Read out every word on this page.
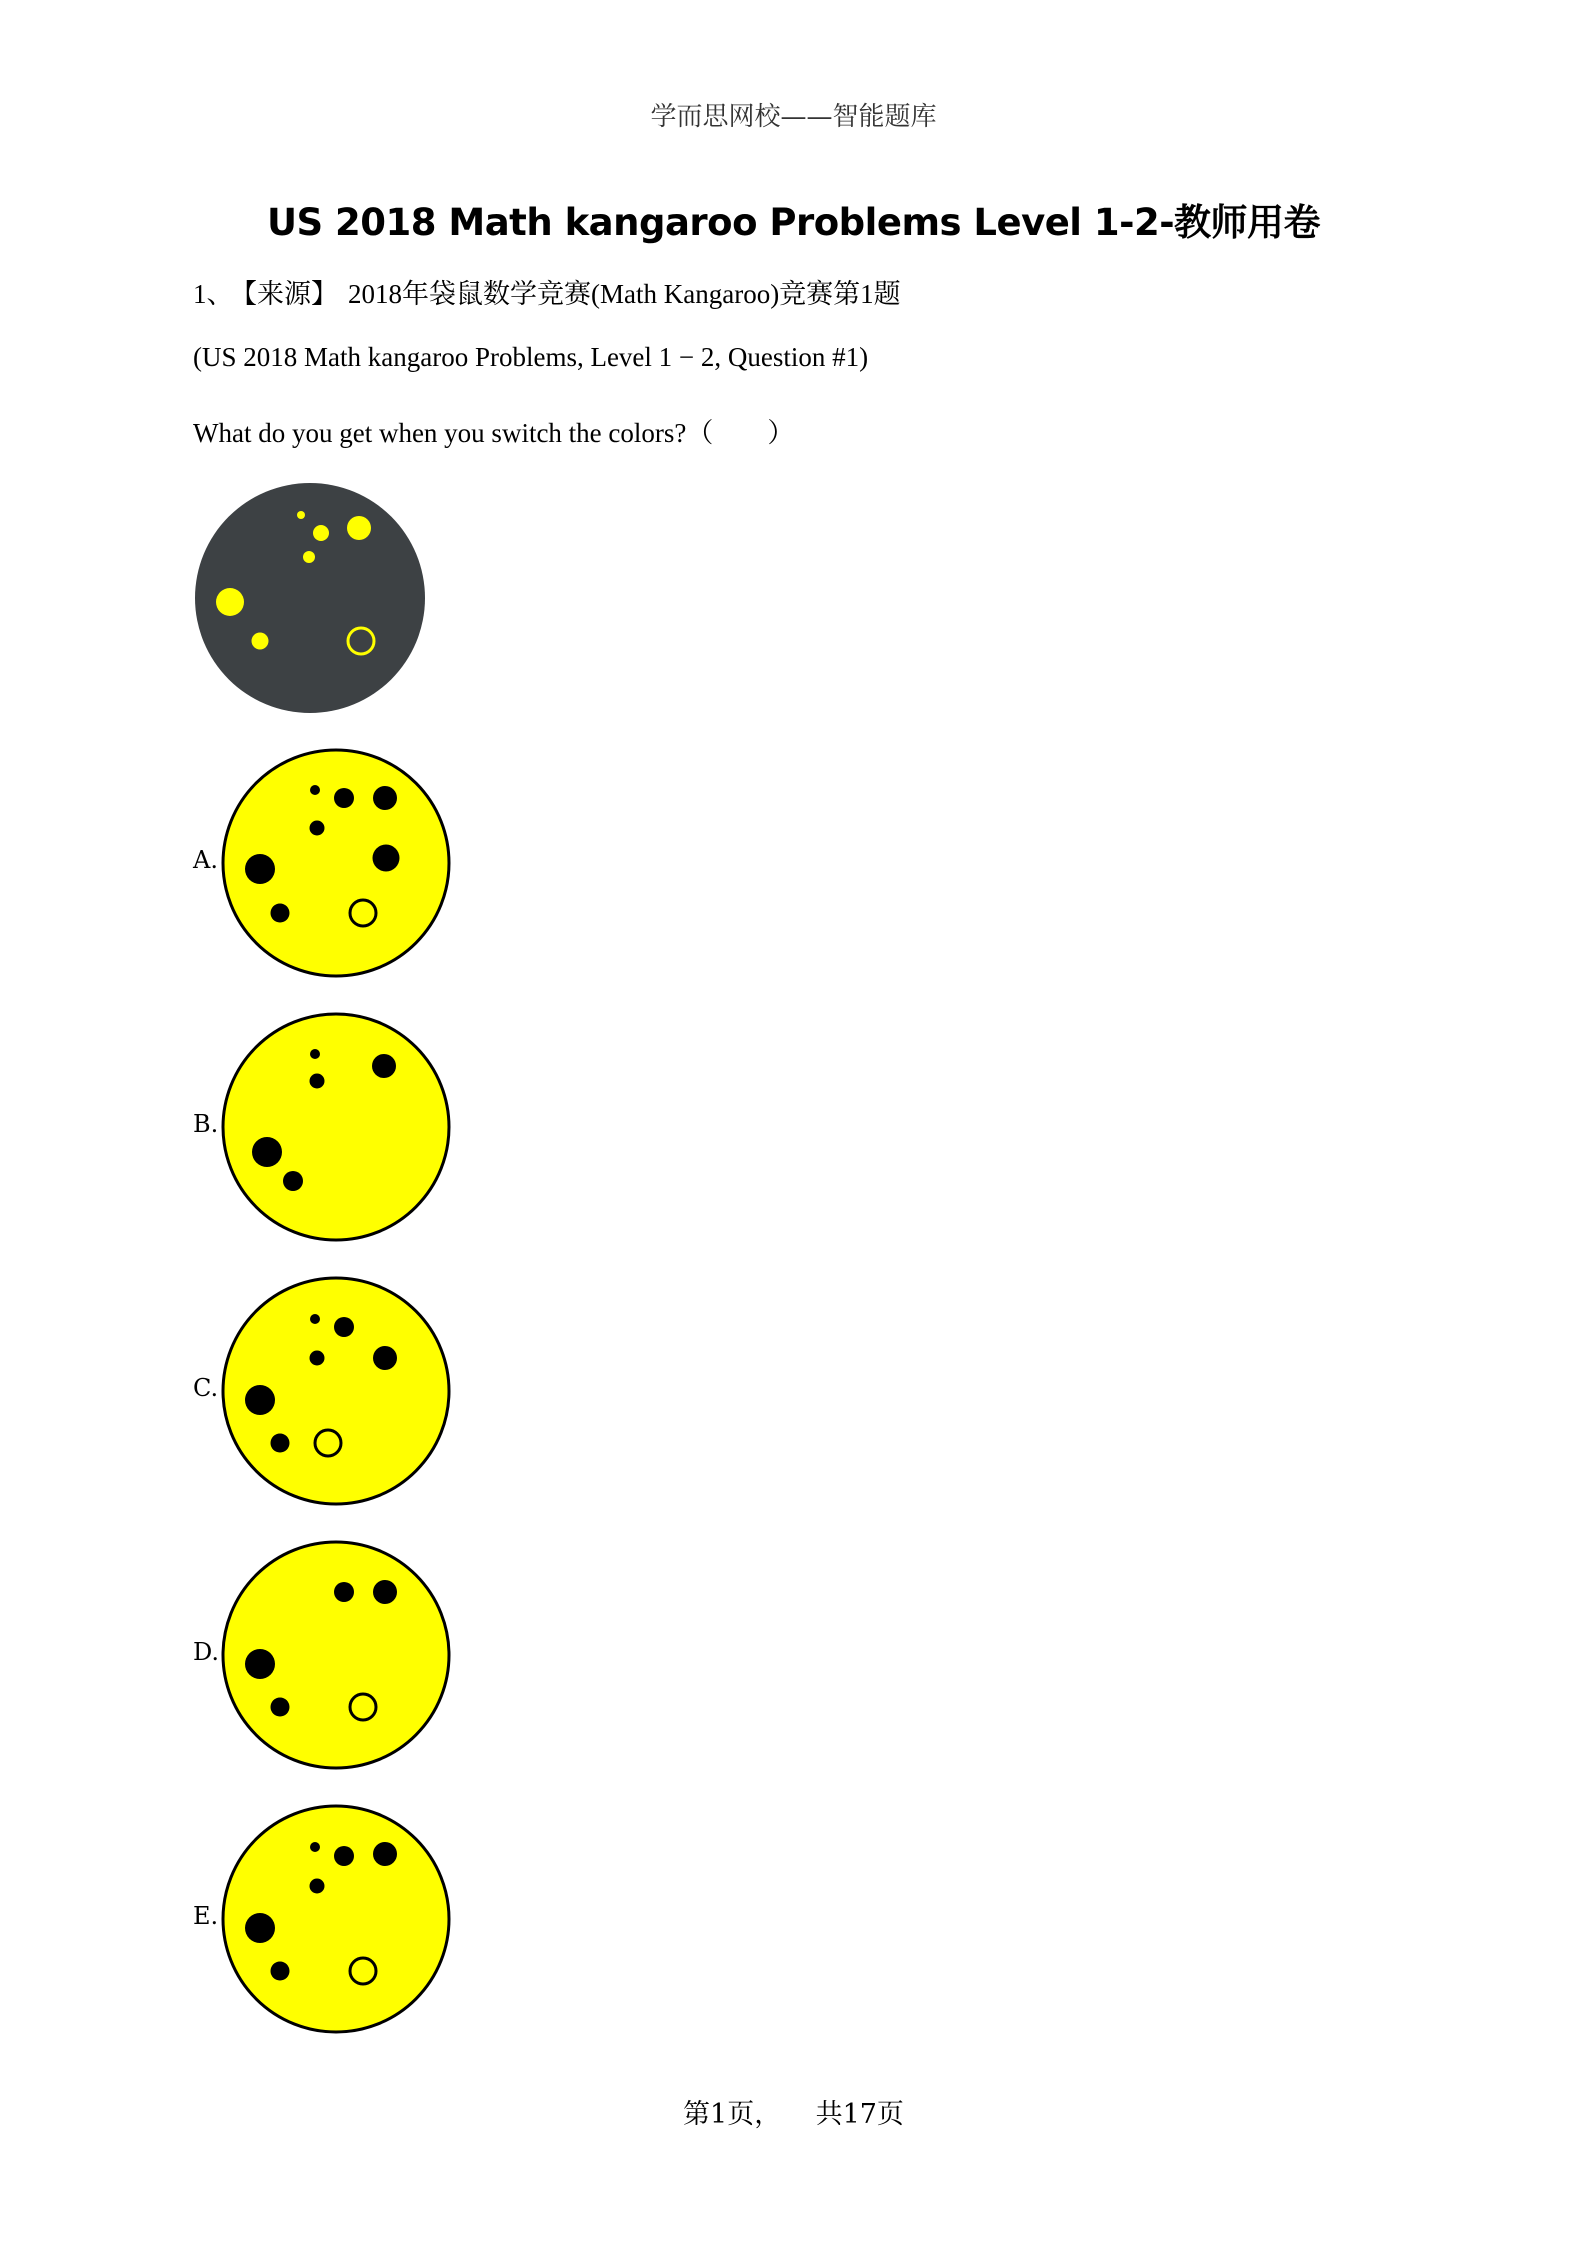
学而思网校——智能题库
US 2018 Math kangaroo Problems Level 1-2-教师用卷
1、 【来源】 2018年袋鼠数学竞赛(Math Kangaroo)竞赛第1题
(US 2018 Math kangaroo Problems, Level 1 − 2, Question #1)
What do you get when you switch the colors?（　　）
A.
B.
C.
D.
E.
第1页， 共17页
